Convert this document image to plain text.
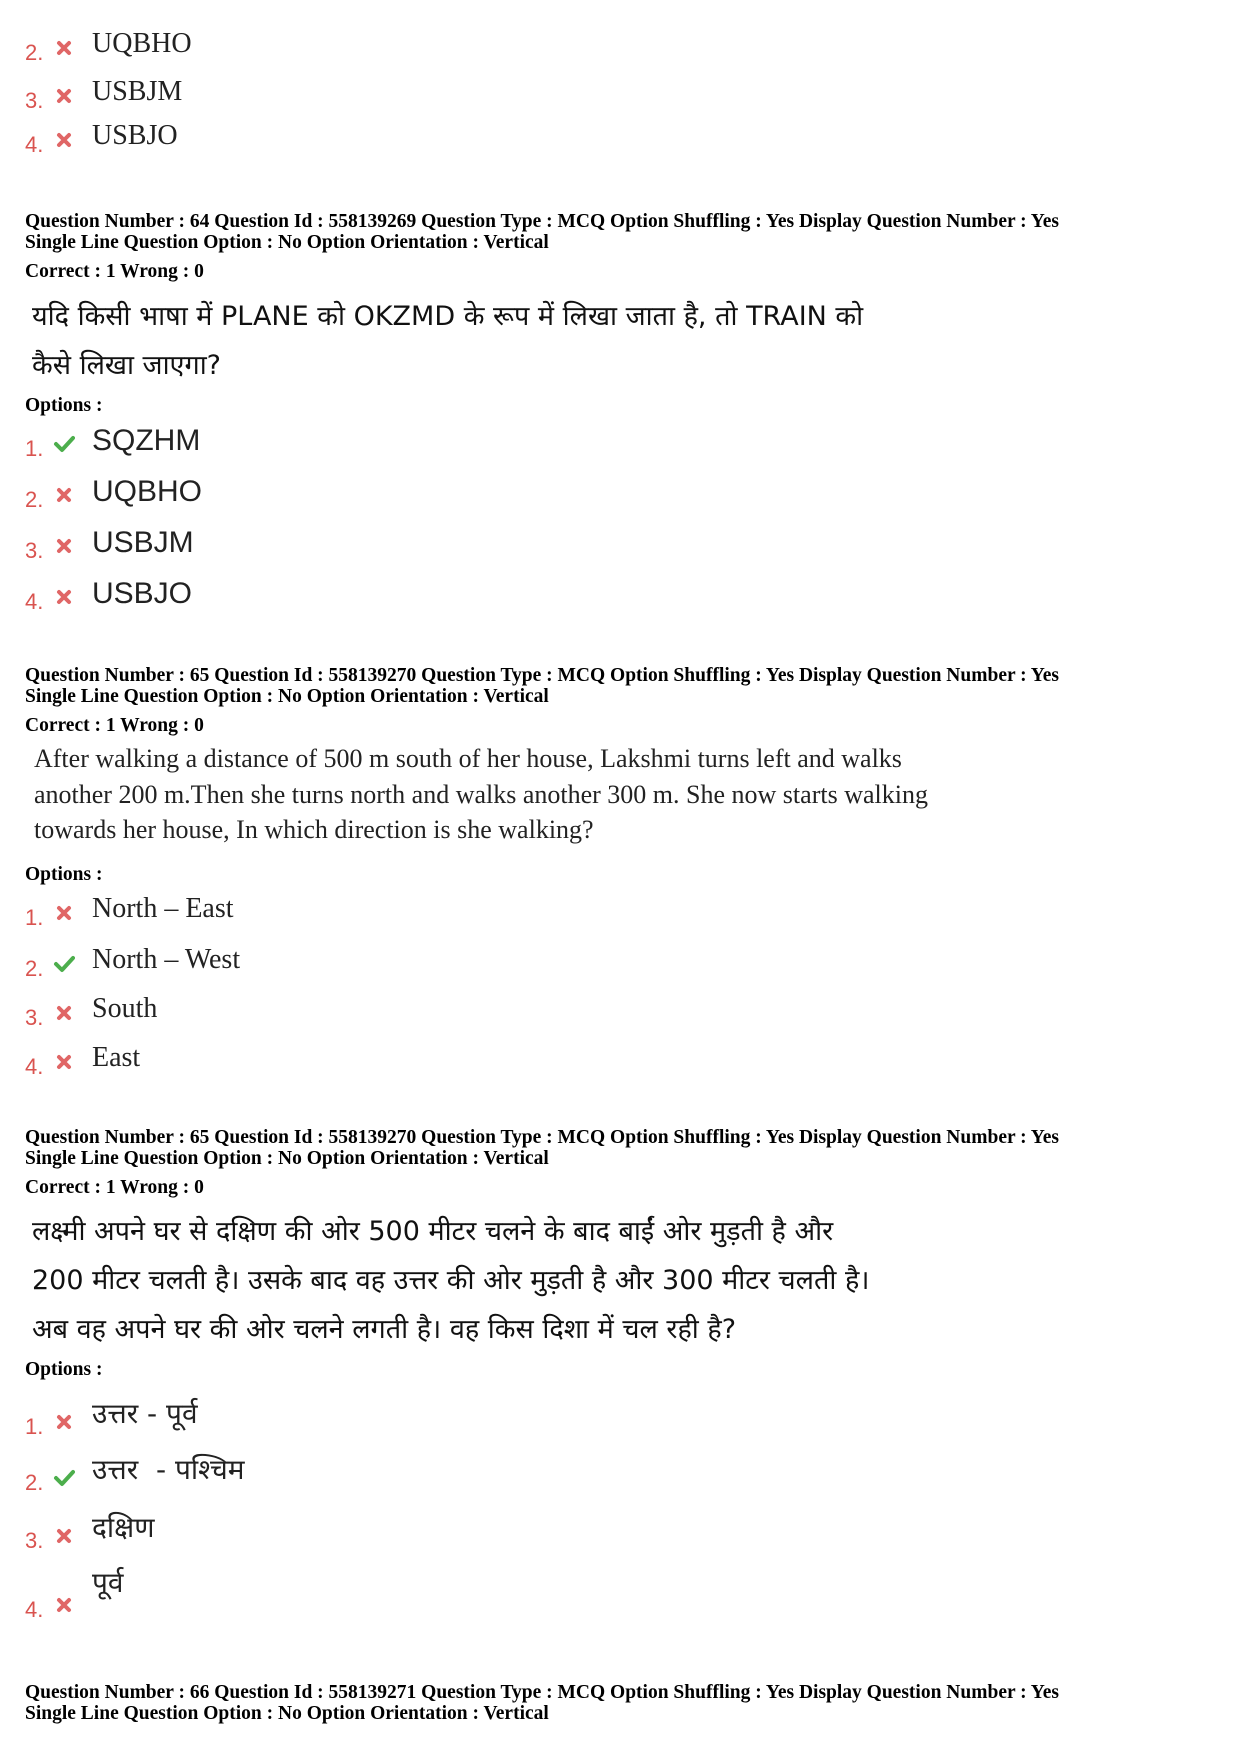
2. UQBHO
3. USBJM
4. USBJO
Question Number : 64 Question Id : 558139269 Question Type : MCQ Option Shuffling : Yes Display Question Number : Yes
Single Line Question Option : No Option Orientation : Vertical
Correct : 1 Wrong : 0
यदि किसी भाषा में PLANE को OKZMD के रूप में लिखा जाता है, तो TRAIN को
कैसे लिखा जाएगा?
Options :
1. SQZHM
2. UQBHO
3. USBJM
4. USBJO
Question Number : 65 Question Id : 558139270 Question Type : MCQ Option Shuffling : Yes Display Question Number : Yes
Single Line Question Option : No Option Orientation : Vertical
Correct : 1 Wrong : 0
After walking a distance of 500 m south of her house, Lakshmi turns left and walks
another 200 m.Then she turns north and walks another 300 m. She now starts walking
towards her house, In which direction is she walking?
Options :
1. North – East
2. North – West
3. South
4. East
Question Number : 65 Question Id : 558139270 Question Type : MCQ Option Shuffling : Yes Display Question Number : Yes
Single Line Question Option : No Option Orientation : Vertical
Correct : 1 Wrong : 0
लक्ष्मी अपने घर से दक्षिण की ओर 500 मीटर चलने के बाद बाईं ओर मुड़ती है और
200 मीटर चलती है। उसके बाद वह उत्तर की ओर मुड़ती है और 300 मीटर चलती है।
अब वह अपने घर की ओर चलने लगती है। वह किस दिशा में चल रही है?
Options :
1. उत्तर - पूर्व
2. उत्तर  - पश्चिम
3. दक्षिण
4.
पूर्व
Question Number : 66 Question Id : 558139271 Question Type : MCQ Option Shuffling : Yes Display Question Number : Yes
Single Line Question Option : No Option Orientation : Vertical
